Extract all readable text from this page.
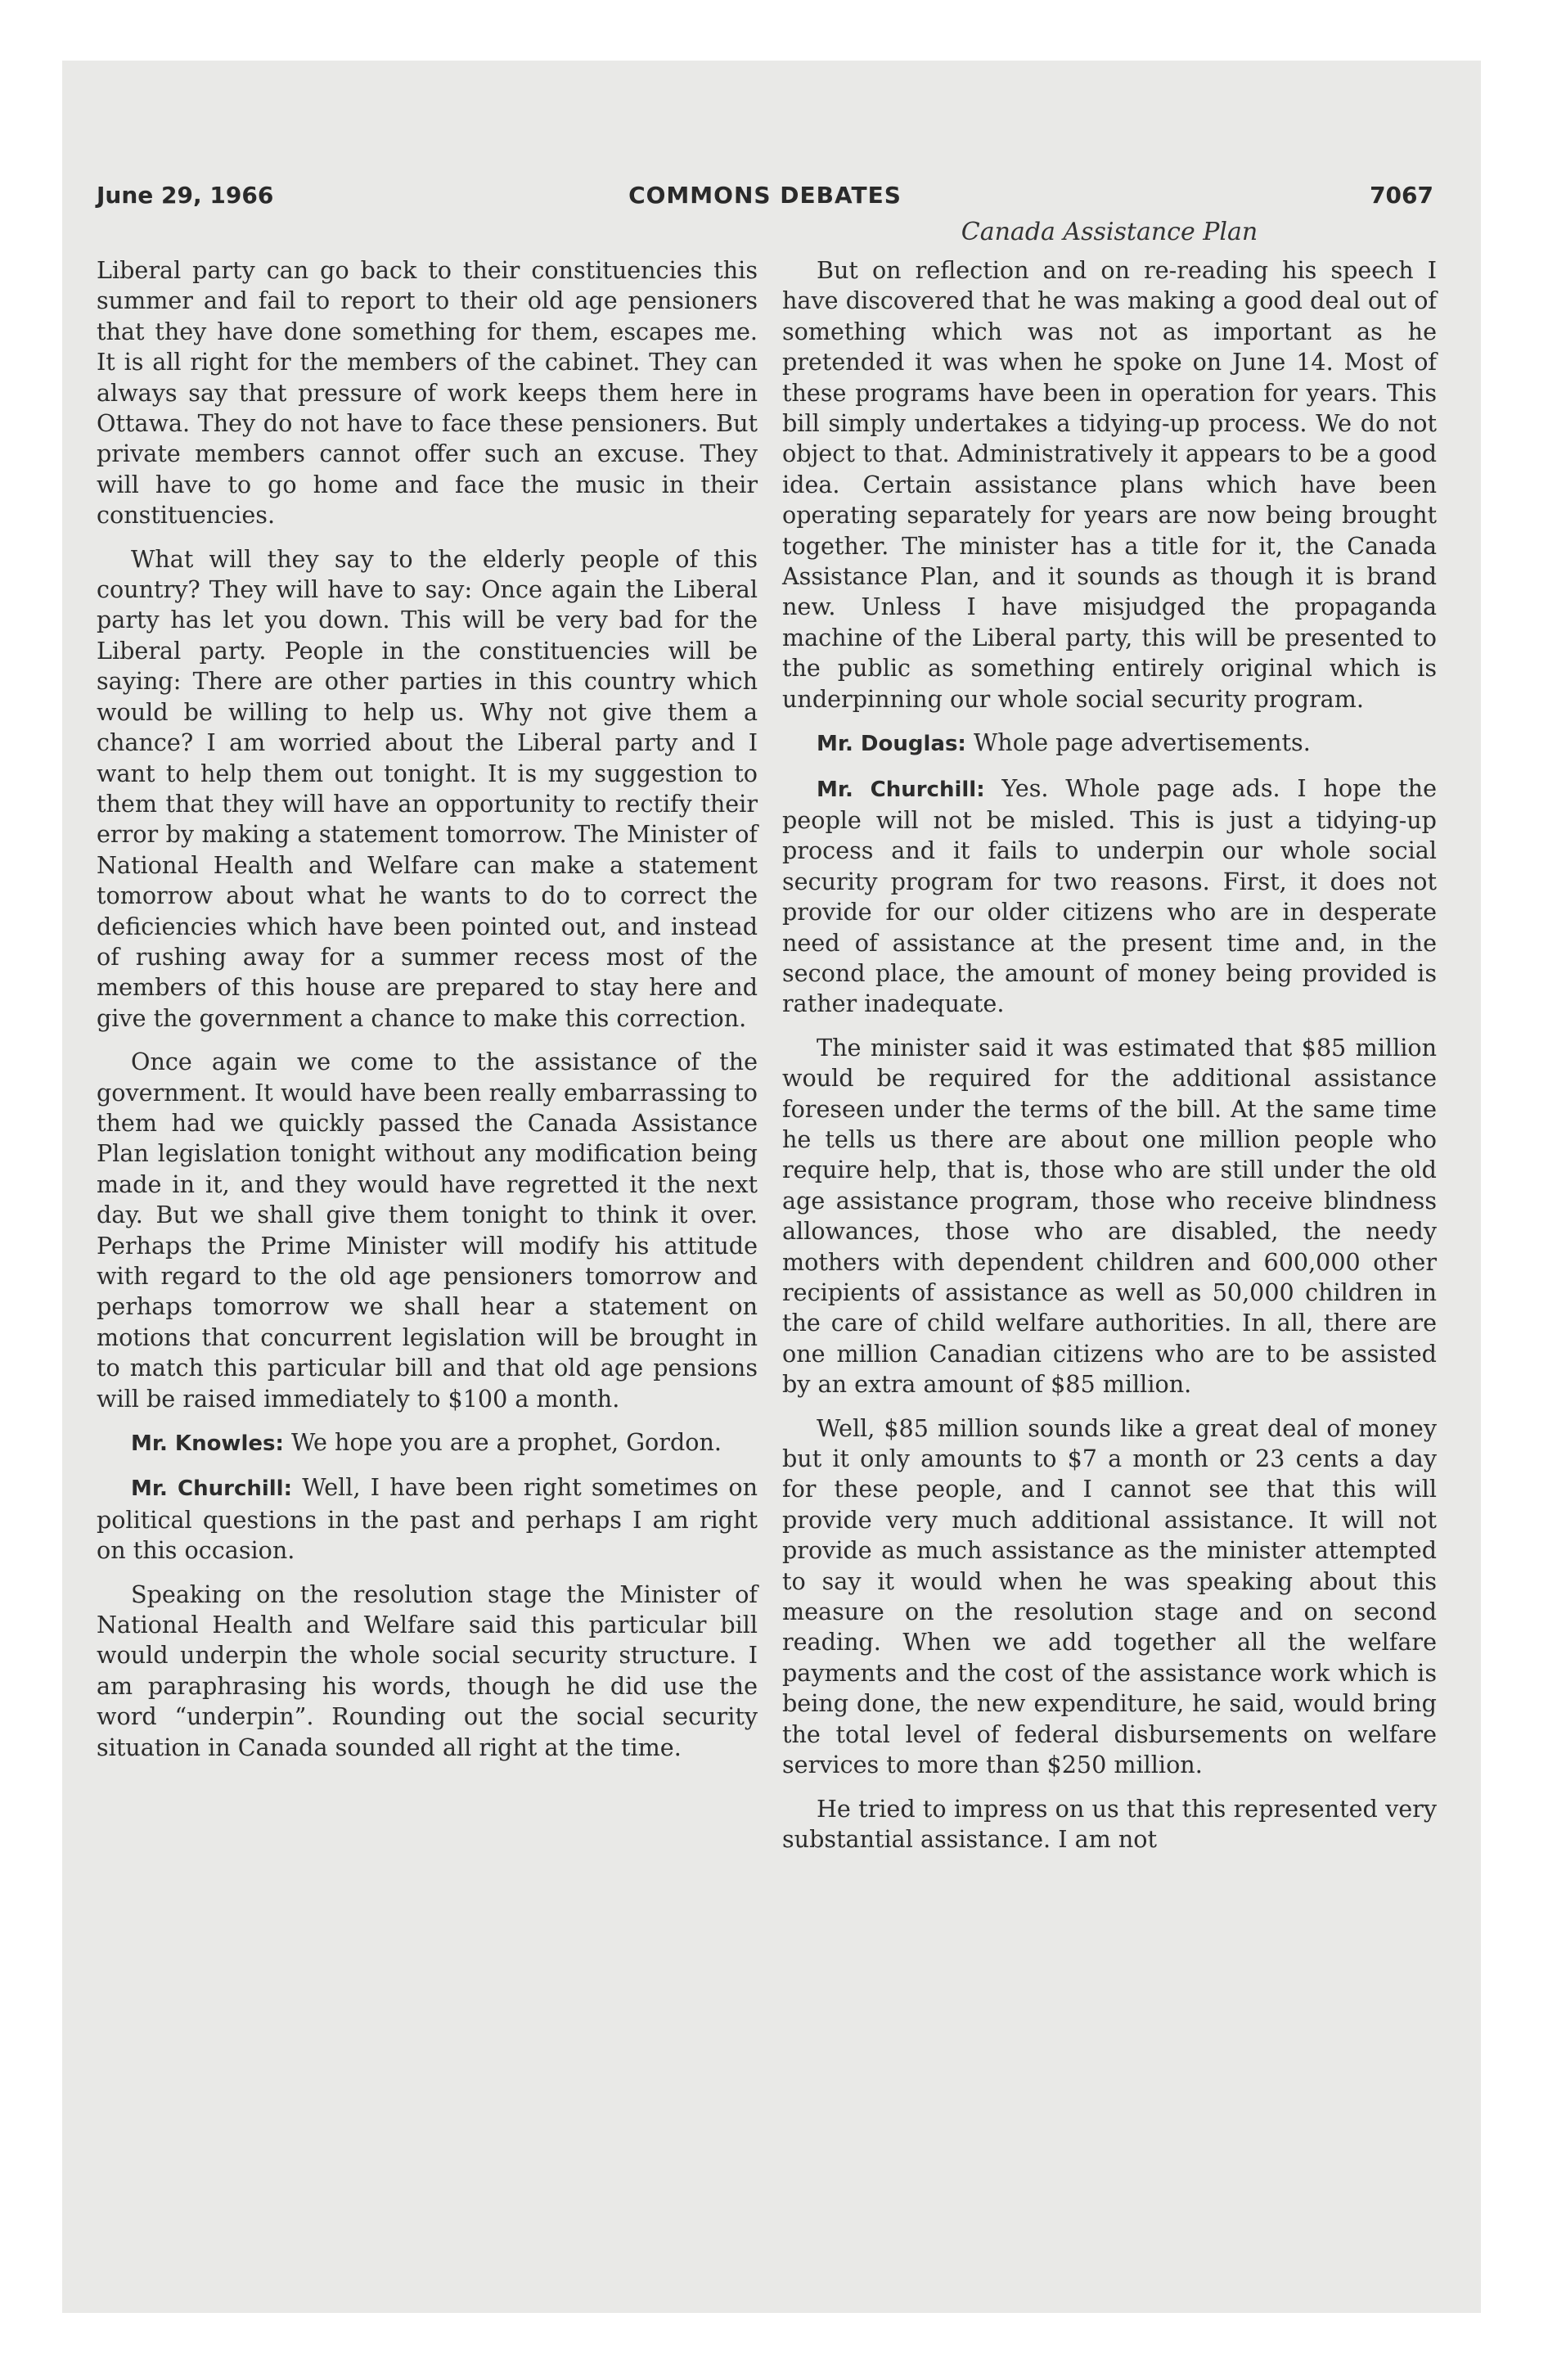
June 29, 1966	COMMONS DEBATES	7067
Canada Assistance Plan

Liberal party can go back to their constituencies this summer and fail to report to their old age pensioners that they have done something for them, escapes me. It is all right for the members of the cabinet. They can always say that pressure of work keeps them here in Ottawa. They do not have to face these pensioners. But private members cannot offer such an excuse. They will have to go home and face the music in their constituencies.

What will they say to the elderly people of this country? They will have to say: Once again the Liberal party has let you down. This will be very bad for the Liberal party. People in the constituencies will be saying: There are other parties in this country which would be willing to help us. Why not give them a chance? I am worried about the Liberal party and I want to help them out tonight. It is my suggestion to them that they will have an opportunity to rectify their error by making a statement tomorrow. The Minister of National Health and Welfare can make a statement tomorrow about what he wants to do to correct the deficiencies which have been pointed out, and instead of rushing away for a summer recess most of the members of this house are prepared to stay here and give the government a chance to make this correction.

Once again we come to the assistance of the government. It would have been really embarrassing to them had we quickly passed the Canada Assistance Plan legislation tonight without any modification being made in it, and they would have regretted it the next day. But we shall give them tonight to think it over. Perhaps the Prime Minister will modify his attitude with regard to the old age pensioners tomorrow and perhaps tomorrow we shall hear a statement on motions that concurrent legislation will be brought in to match this particular bill and that old age pensions will be raised immediately to $100 a month.

Mr. Knowles: We hope you are a prophet, Gordon.

Mr. Churchill: Well, I have been right sometimes on political questions in the past and perhaps I am right on this occasion.

Speaking on the resolution stage the Minister of National Health and Welfare said this particular bill would underpin the whole social security structure. I am paraphrasing his words, though he did use the word “underpin”. Rounding out the social security situation in Canada sounded all right at the time.

But on reflection and on re-reading his speech I have discovered that he was making a good deal out of something which was not as important as he pretended it was when he spoke on June 14. Most of these programs have been in operation for years. This bill simply undertakes a tidying-up process. We do not object to that. Administratively it appears to be a good idea. Certain assistance plans which have been operating separately for years are now being brought together. The minister has a title for it, the Canada Assistance Plan, and it sounds as though it is brand new. Unless I have misjudged the propaganda machine of the Liberal party, this will be presented to the public as something entirely original which is underpinning our whole social security program.

Mr. Douglas: Whole page advertisements.

Mr. Churchill: Yes. Whole page ads. I hope the people will not be misled. This is just a tidying-up process and it fails to underpin our whole social security program for two reasons. First, it does not provide for our older citizens who are in desperate need of assistance at the present time and, in the second place, the amount of money being provided is rather inadequate.

The minister said it was estimated that $85 million would be required for the additional assistance foreseen under the terms of the bill. At the same time he tells us there are about one million people who require help, that is, those who are still under the old age assistance program, those who receive blindness allowances, those who are disabled, the needy mothers with dependent children and 600,000 other recipients of assistance as well as 50,000 children in the care of child welfare authorities. In all, there are one million Canadian citizens who are to be assisted by an extra amount of $85 million.

Well, $85 million sounds like a great deal of money but it only amounts to $7 a month or 23 cents a day for these people, and I cannot see that this will provide very much additional assistance. It will not provide as much assistance as the minister attempted to say it would when he was speaking about this measure on the resolution stage and on second reading. When we add together all the welfare payments and the cost of the assistance work which is being done, the new expenditure, he said, would bring the total level of federal disbursements on welfare services to more than $250 million.

He tried to impress on us that this represented very substantial assistance. I am not
